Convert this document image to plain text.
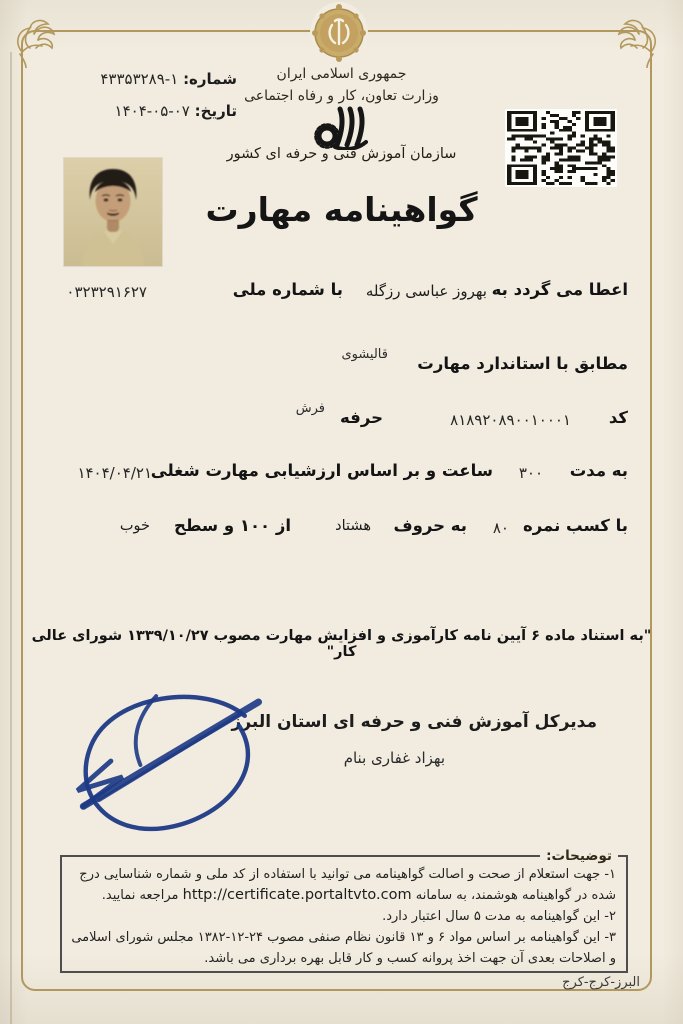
جمهوری اسلامی ایران
وزارت تعاون، کار و رفاه اجتماعی
سازمان آموزش فنی و حرفه ای کشور
شماره: ۱-۴۳۳۵۳۲۸۹
تاریخ: ۰۷-۰۵-۱۴۰۴
گواهینامه مهارت
اعطا می گردد به
بهروز عباسی رزگله
با شماره ملی
۰۳۲۳۲۹۱۶۲۷
مطابق با استاندارد مهارت
قالیشوی
کد
۸۱۸۹۲۰۸۹۰۰۱۰۰۰۱
حرفه
فرش
به مدت
۳۰۰
ساعت و بر اساس ارزشیابی مهارت شغلی
۱۴۰۴/۰۴/۲۱
با کسب نمره
۸۰
به حروف
هشتاد
از ۱۰۰ و سطح
خوب
"به استناد ماده ۶ آیین نامه کارآموزی و افزایش مهارت مصوب ۱۳۳۹/۱۰/۲۷ شورای عالی کار"
مدیرکل آموزش فنی و حرفه ای استان البرز
بهزاد غفاری بنام
توضیحات:

۱- جهت استعلام از صحت و اصالت گواهینامه می توانید با استفاده از کد ملی و شماره شناسایی درج شده در گواهینامه هوشمند، به سامانه http://certificate.portaltvto.com مراجعه نمایید.

۲- این گواهینامه به مدت ۵ سال اعتبار دارد.

۳- این گواهینامه بر اساس مواد ۶ و ۱۳ قانون نظام صنفی مصوب ۲۴-۱۲-۱۳۸۲ مجلس شورای اسلامی و اصلاحات بعدی آن جهت اخذ پروانه کسب و کار قابل بهره برداری می باشد.

البرز-کرج-کرج
